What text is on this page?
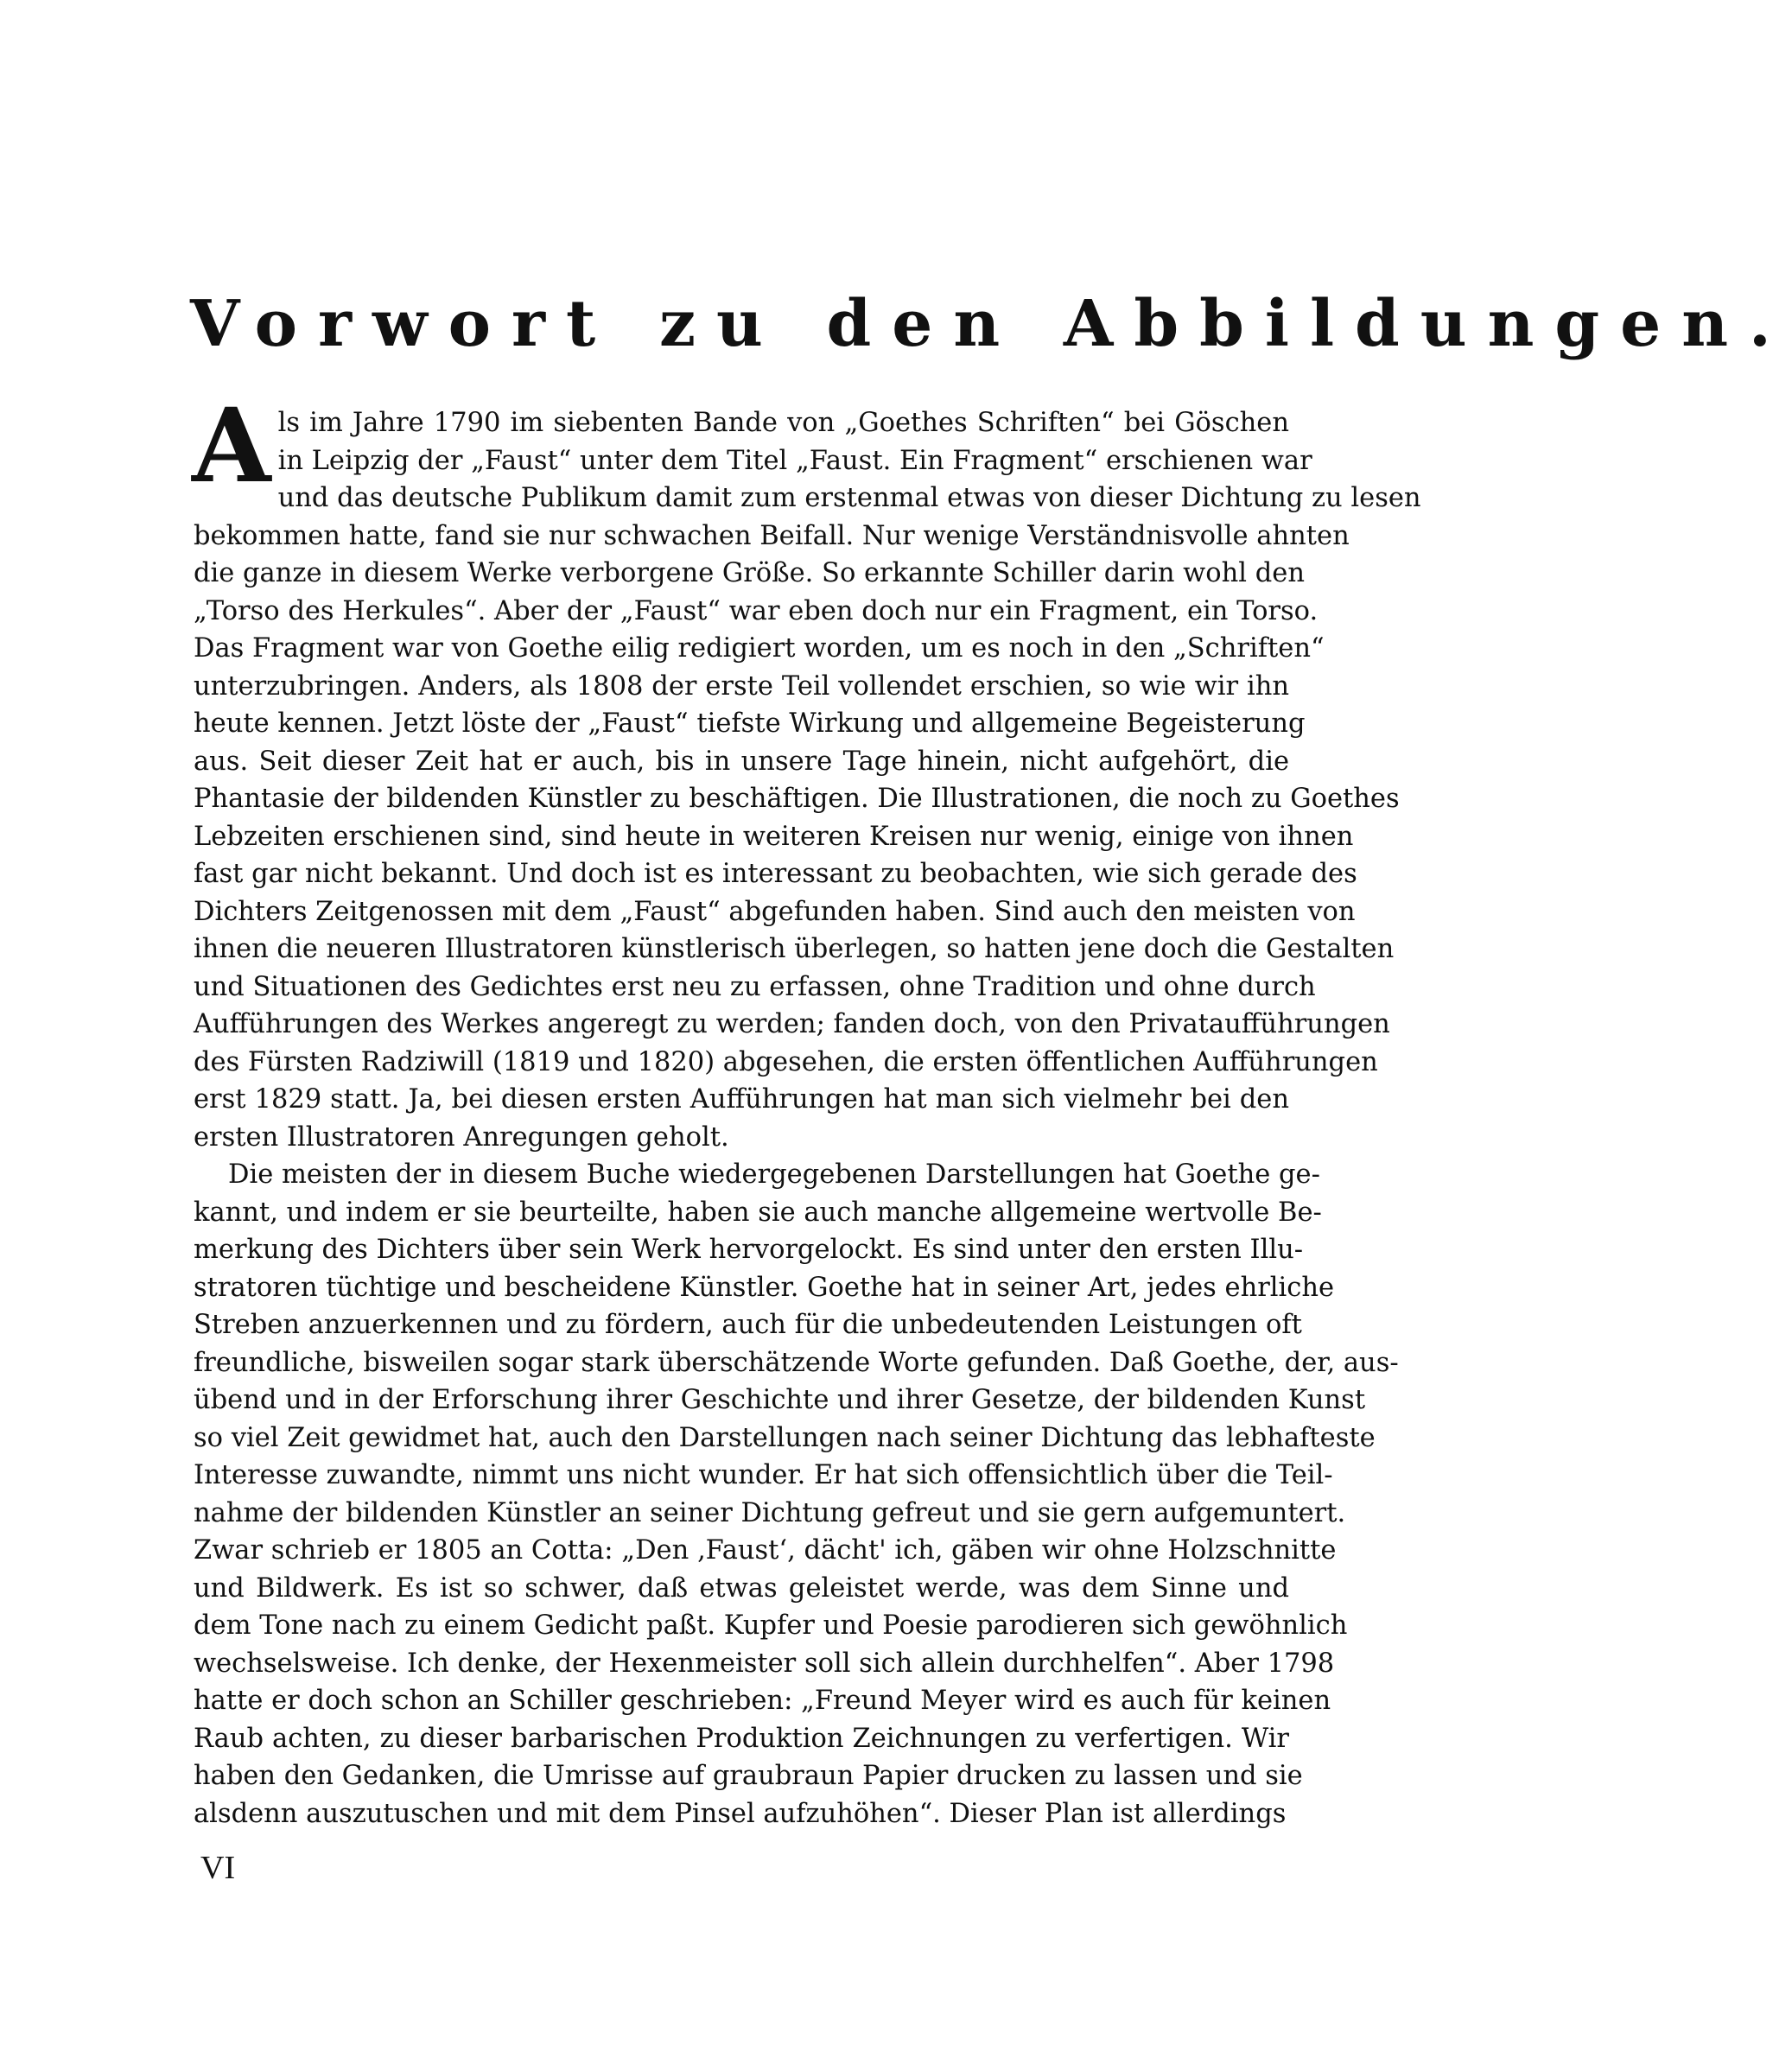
Vorwort zu den Abbildungen.
A ls im Jahre 1790 im siebenten Bande von „Goethes Schriften“ bei Göschen
in Leipzig der „Faust“ unter dem Titel „Faust. Ein Fragment“ erschienen war
und das deutsche Publikum damit zum erstenmal etwas von dieser Dichtung zu lesen
bekommen hatte, fand sie nur schwachen Beifall. Nur wenige Verständnisvolle ahnten
die ganze in diesem Werke verborgene Größe. So erkannte Schiller darin wohl den
„Torso des Herkules“. Aber der „Faust“ war eben doch nur ein Fragment, ein Torso.
Das Fragment war von Goethe eilig redigiert worden, um es noch in den „Schriften“
unterzubringen. Anders, als 1808 der erste Teil vollendet erschien, so wie wir ihn
heute kennen. Jetzt löste der „Faust“ tiefste Wirkung und allgemeine Begeisterung
aus. Seit dieser Zeit hat er auch, bis in unsere Tage hinein, nicht aufgehört, die
Phantasie der bildenden Künstler zu beschäftigen. Die Illustrationen, die noch zu Goethes
Lebzeiten erschienen sind, sind heute in weiteren Kreisen nur wenig, einige von ihnen
fast gar nicht bekannt. Und doch ist es interessant zu beobachten, wie sich gerade des
Dichters Zeitgenossen mit dem „Faust“ abgefunden haben. Sind auch den meisten von
ihnen die neueren Illustratoren künstlerisch überlegen, so hatten jene doch die Gestalten
und Situationen des Gedichtes erst neu zu erfassen, ohne Tradition und ohne durch
Aufführungen des Werkes angeregt zu werden; fanden doch, von den Privataufführungen
des Fürsten Radziwill (1819 und 1820) abgesehen, die ersten öffentlichen Aufführungen
erst 1829 statt. Ja, bei diesen ersten Aufführungen hat man sich vielmehr bei den
ersten Illustratoren Anregungen geholt.
Die meisten der in diesem Buche wiedergegebenen Darstellungen hat Goethe ge-
kannt, und indem er sie beurteilte, haben sie auch manche allgemeine wertvolle Be-
merkung des Dichters über sein Werk hervorgelockt. Es sind unter den ersten Illu-
stratoren tüchtige und bescheidene Künstler. Goethe hat in seiner Art, jedes ehrliche
Streben anzuerkennen und zu fördern, auch für die unbedeutenden Leistungen oft
freundliche, bisweilen sogar stark überschätzende Worte gefunden. Daß Goethe, der, aus-
übend und in der Erforschung ihrer Geschichte und ihrer Gesetze, der bildenden Kunst
so viel Zeit gewidmet hat, auch den Darstellungen nach seiner Dichtung das lebhafteste
Interesse zuwandte, nimmt uns nicht wunder. Er hat sich offensichtlich über die Teil-
nahme der bildenden Künstler an seiner Dichtung gefreut und sie gern aufgemuntert.
Zwar schrieb er 1805 an Cotta: „Den ‚Faust‘, dächt' ich, gäben wir ohne Holzschnitte
und Bildwerk. Es ist so schwer, daß etwas geleistet werde, was dem Sinne und
dem Tone nach zu einem Gedicht paßt. Kupfer und Poesie parodieren sich gewöhnlich
wechselsweise. Ich denke, der Hexenmeister soll sich allein durchhelfen“. Aber 1798
hatte er doch schon an Schiller geschrieben: „Freund Meyer wird es auch für keinen
Raub achten, zu dieser barbarischen Produktion Zeichnungen zu verfertigen. Wir
haben den Gedanken, die Umrisse auf graubraun Papier drucken zu lassen und sie
alsdenn auszutuschen und mit dem Pinsel aufzuhöhen“. Dieser Plan ist allerdings
VI
